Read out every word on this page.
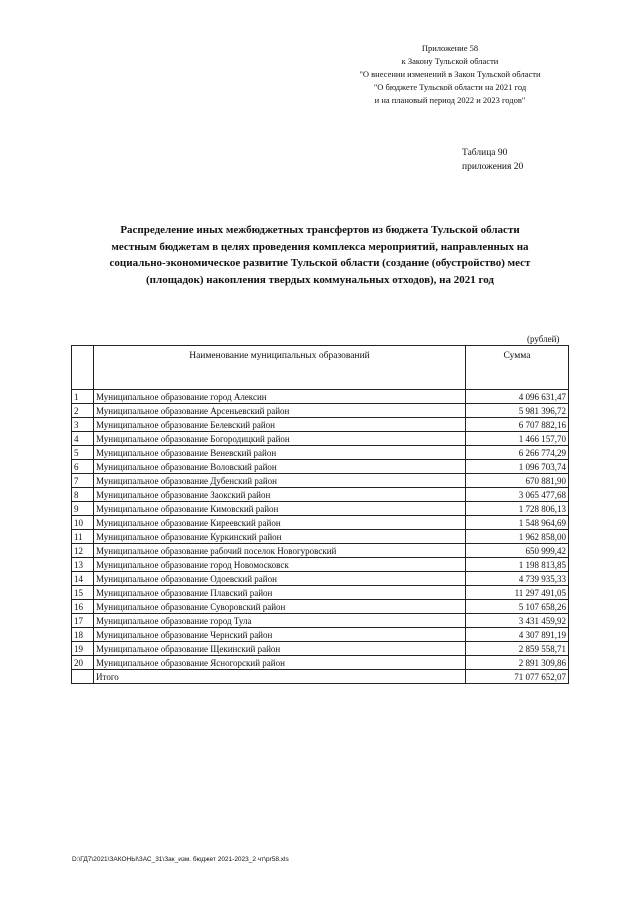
Приложение 58
к Закону Тульской области
"О внесении изменений в Закон Тульской области
"О бюджете Тульской области на 2021 год
и на плановый период 2022 и 2023 годов"
Таблица 90
приложения 20
Распределение иных межбюджетных трансфертов из бюджета Тульской области
местным бюджетам в целях проведения комплекса мероприятий, направленных на
социально-экономическое развитие Тульской области (создание (обустройство) мест
(площадок) накопления твердых коммунальных отходов), на 2021 год
(рублей)
	Наименование муниципальных образований	Сумма
1	Муниципальное образование город Алексин	4 096 631,47
2	Муниципальное образование Арсеньевский район	5 981 396,72
3	Муниципальное образование Белевский район	6 707 882,16
4	Муниципальное образование Богородицкий район	1 466 157,70
5	Муниципальное образование Веневский район	6 266 774,29
6	Муниципальное образование Воловский район	1 096 703,74
7	Муниципальное образование Дубенский район	670 881,90
8	Муниципальное образование Заокский район	3 065 477,68
9	Муниципальное образование Кимовский район	1 728 806,13
10	Муниципальное образование Киреевский район	1 548 964,69
11	Муниципальное образование Куркинский район	1 962 858,00
12	Муниципальное образование рабочий поселок Новогуровский	650 999,42
13	Муниципальное образование город Новомосковск	1 198 813,85
14	Муниципальное образование Одоевский район	4 739 935,33
15	Муниципальное образование Плавский район	11 297 491,05
16	Муниципальное образование Суворовский район	5 107 658,26
17	Муниципальное образование город Тула	3 431 459,92
18	Муниципальное образование Чернский район	4 307 891,19
19	Муниципальное образование Щекинский район	2 859 558,71
20	Муниципальное образование Ясногорский район	2 891 309,86
	Итого	71 077 652,07
D:\ГД7\2021\ЗАКОНЫ\ЗАС_31\Зак_изм. бюджет 2021-2023_2 чт\pr58.xls
